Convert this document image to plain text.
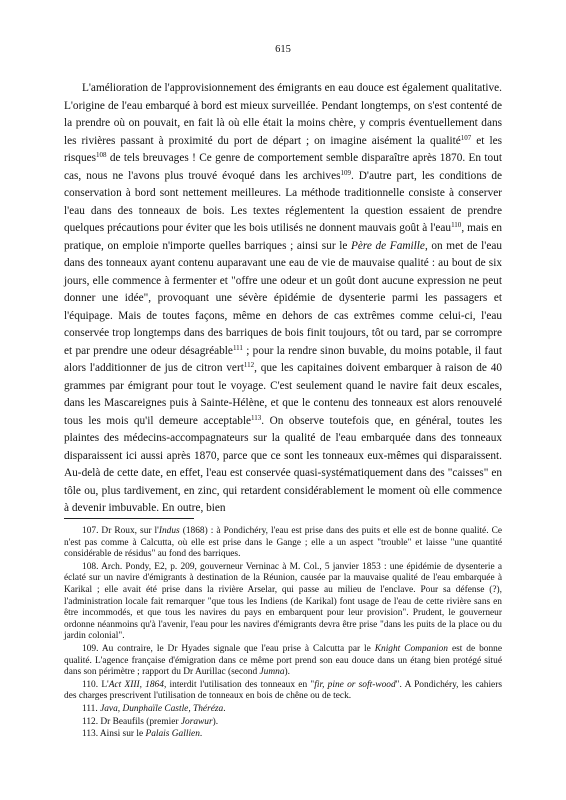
615

L'amélioration de l'approvisionnement des émigrants en eau douce est également qualitative. L'origine de l'eau embarqué à bord est mieux surveillée. Pendant longtemps, on s'est contenté de la prendre où on pouvait, en fait là où elle était la moins chère, y compris éventuellement dans les rivières passant à proximité du port de départ ; on imagine aisément la qualité$^{107}$ et les risques$^{108}$ de tels breuvages ! Ce genre de comportement semble disparaître après 1870. En tout cas, nous ne l'avons plus trouvé évoqué dans les archives$^{109}$. D'autre part, les conditions de conservation à bord sont nettement meilleures. La méthode traditionnelle consiste à conserver l'eau dans des tonneaux de bois. Les textes réglementent la question essaient de prendre quelques précautions pour éviter que les bois utilisés ne donnent mauvais goût à l'eau$^{110}$, mais en pratique, on emploie n'importe quelles barriques ; ainsi sur le Père de Famille, on met de l'eau dans des tonneaux ayant contenu auparavant une eau de vie de mauvaise qualité : au bout de six jours, elle commence à fermenter et "offre une odeur et un goût dont aucune expression ne peut donner une idée", provoquant une sévère épidémie de dysenterie parmi les passagers et l'équipage. Mais de toutes façons, même en dehors de cas extrêmes comme celui-ci, l'eau conservée trop longtemps dans des barriques de bois finit toujours, tôt ou tard, par se corrompre et par prendre une odeur désagréable$^{111}$ ; pour la rendre sinon buvable, du moins potable, il faut alors l'additionner de jus de citron vert$^{112}$, que les capitaines doivent embarquer à raison de 40 grammes par émigrant pour tout le voyage. C'est seulement quand le navire fait deux escales, dans les Mascareignes puis à Sainte-Hélène, et que le contenu des tonneaux est alors renouvelé tous les mois qu'il demeure acceptable$^{113}$. On observe toutefois que, en général, toutes les plaintes des médecins-accompagnateurs sur la qualité de l'eau embarquée dans des tonneaux disparaissent ici aussi après 1870, parce que ce sont les tonneaux eux-mêmes qui disparaissent. Au-delà de cette date, en effet, l'eau est conservée quasi-systématiquement dans des "caisses" en tôle ou, plus tardivement, en zinc, qui retardent considérablement le moment où elle commence à devenir imbuvable. En outre, bien

107. Dr Roux, sur l'Indus (1868) : à Pondichéry, l'eau est prise dans des puits et elle est de bonne qualité. Ce n'est pas comme à Calcutta, où elle est prise dans le Gange ; elle a un aspect "trouble" et laisse "une quantité considérable de résidus" au fond des barriques.

108. Arch. Pondy, E2, p. 209, gouverneur Verninac à M. Col., 5 janvier 1853 : une épidémie de dysenterie a éclaté sur un navire d'émigrants à destination de la Réunion, causée par la mauvaise qualité de l'eau embarquée à Karikal ; elle avait été prise dans la rivière Arselar, qui passe au milieu de l'enclave. Pour sa défense (?), l'administration locale fait remarquer "que tous les Indiens (de Karikal) font usage de l'eau de cette rivière sans en être incommodés, et que tous les navires du pays en embarquent pour leur provision". Prudent, le gouverneur ordonne néanmoins qu'à l'avenir, l'eau pour les navires d'émigrants devra être prise "dans les puits de la place ou du jardin colonial".

109. Au contraire, le Dr Hyades signale que l'eau prise à Calcutta par le Knight Companion est de bonne qualité. L'agence française d'émigration dans ce même port prend son eau douce dans un étang bien protégé situé dans son périmètre ; rapport du Dr Aurillac (second Jumna).

110. L'Act XIII, 1864, interdit l'utilisation des tonneaux en "fir, pine or soft-wood". A Pondichéry, les cahiers des charges prescrivent l'utilisation de tonneaux en bois de chêne ou de teck.

111. Java, Dunphaïle Castle, Théréza.

112. Dr Beaufils (premier Jorawur).

113. Ainsi sur le Palais Gallien.
